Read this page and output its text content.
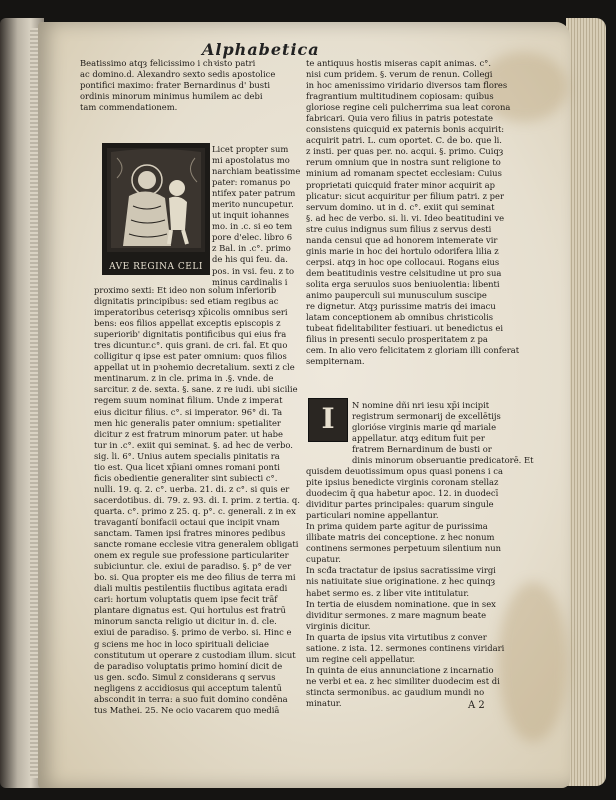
Alphabetica
Beatissimo atqȝ felicissimo i chꝛisto patri
ac domino.d. Alexandro sexto sedis apostolice
pontifici maximo: frater Bernardinus d' busti
ordinis minorum minimus humilem ac debi
tam commendationem.
Licet propter sum
mi apostolatus mo
narchiam beatissime
pater: romanus po
ntifex pater patrum
merito nuncupetur.
ut inquit iohannes
mo. in .c. si eo tem
pore d'elec. libro 6
z Bal. in .c°. primo
de his qui feu. da.
pos. in vsi. feu. z to
minus cardinalis i
proximo sexti: Et ideo non solum inferiorib
dignitatis principibus: sed etiam regibus ac
imperatoribus ceterisqȝ xp̄icolis omnibus seri
bens: eos filios appellat exceptis episcopis z
superiorib' dignitatis pontificibus qui eius fra
tres dicuntur.c°. quis grani. de cri. fal. Et quo
colligitur q ipse est pater omnium: quos filios
appellat ut in pꝛohemio decretalium. sexti z cle
mentinarum. z in cle. prima in .§. vnde. de
sarcitur. z de. sexta. §. sane. z re iudi. ubi sicilie
regem suum nominat filium. Unde z imperat
eius dicitur filius. c°. si imperator. 96° di. Ta
men hic generalis pater omnium: spetialiter
dicitur z est fratrum minorum pater. ut habe
tur in .c°. exiit qui seminat. §. ad hec de verbo.
sig. li. 6°. Unius autem specialis pinitatis ra
tio est. Qua licet xp̄iani omnes romani ponti
ficis obedientie generaliter sint subiecti c°.
nulli. 19. q. 2. c°. uerba. 21. di. z c°. si quis er
sacerdotibus. di. 79. z. 93. di. I. prim. z tertia. q.
quarta. c°. primo z 25. q. p°. c. generali. z in ex
travagantí bonifacii octaui que incipit vnam
sanctam. Tamen ipsi fratres minores pedibus
sancte romane ecclesie vitra generalem obligati
onem ex regule sue professione particulariter
subiciuntur. cle. exiui de paradiso. §. p° de ver
bo. si. Qua propter eis me deo filius de terra mi
diali multis pestilentiis fluctibus agitata eradi
cari: hortum voluptatis quem ipse fecit trāf
plantare dignatus est. Qui hortulus est fratrū
minorum sancta religio ut dicitur in. d. cle.
exiui de paradiso. §. primo de verbo. si. Hinc e
g sciens me hoc in loco spirituali deliciae
constitutum ut operare z custodiam illum. sicut
de paradiso voluptatis primo hominí dicit de
us gen. scđo. Simul z considerans q servus
negligens z accidiosus qui acceptum talentū
abscondit in terra: a suo fuit domino condēna
tus Mathei. 25. Ne ocio vacarem quo mediā
AVE REGINA CELI
te antiquus hostis miseras capit animas. c°.
nisi cum pridem. §. verum de renun. Collegi
in hoc amenissimo viridario diversos tam flores
fragrantium multitudinem copiosam: quibus
gloriose regine celi pulcherrima sua leat corona
fabricari. Quia vero filius in patris potestate
consistens quicquid ex paternis bonis acquirit:
acquirit patri. L. cum oportet. C. de bo. que li.
z insti. per quas per. no. acqui. §. primo. Cuiqȝ
rerum omnium que in nostra sunt religione to
minium ad romanam spectet ecclesiam: Cuius
proprietati quicquid frater minor acquirit ap
plicatur: sicut acquiritur per filium patri. z per
servum domino. ut in d. c°. exiit qui seminat
§. ad hec de verbo. si. li. vi. Ideo beatitudini ve
stre cuius indignus sum filius z servus desti
nanda censui que ad honorem intemerate vir
ginis marie in hoc dei hortulo odorifera lilia z
cerpsi. atqȝ in hoc ope collocaui. Rogans eius
dem beatitudinis vestre celsitudine ut pro sua
solita erga seruulos suos beniuolentia: libenti
animo pauperculi sui munusculum suscipe
re dignetur. Atqȝ purissime matris dei imacu
latam conceptionem ab omnibus christicolis
tubeat fidelitabiliter festiuari. ut benedictus ei
filius in presenti seculo prosperitatem z pa
cem. In alio vero felicitatem z gloriam illi conferat
sempiternam.
I	N nomine dñi nri iesu xp̄i incipit
registrum sermonarij de excellētijs
glorióse virginis marie qd̄ mariale
appellatur. atqȝ editum fuit per
fratrem Bernardinum de busti or
dinis minorum obseruantie predicatorē. Et
quisdem deuotissimum opus quasi ponens i ca
pite ipsius benedicte virginis coronam stellaz
duodecim q̄ qua habetur apoc. 12. in duodecī
dividitur partes principales: quarum singule
particulari nomine appellantur.
In prima quidem parte agitur de purissima
illibate matris dei conceptione. z hec nonum
continens sermones perpetuum silentium nun
cupatur.
In scđa tractatur de ipsius sacratissime virgi
nis natiuitate siue originatione. z hec quinqȝ
habet sermo es. z liber vite intitulatur.
In tertia de eiusdem nominatione. que in sex
dividitur sermones. z mare magnum beate
virginis dicitur.
In quarta de ipsius vita virtutibus z conver
satione. z ista. 12. sermones continens viridari
um regine celi appellatur.
In quinta de eius annunciatione z incarnatio
ne verbi et ea. z hec similiter duodecim est di
stincta sermonibus. ac gaudium mundi no
minatur.	A 2
